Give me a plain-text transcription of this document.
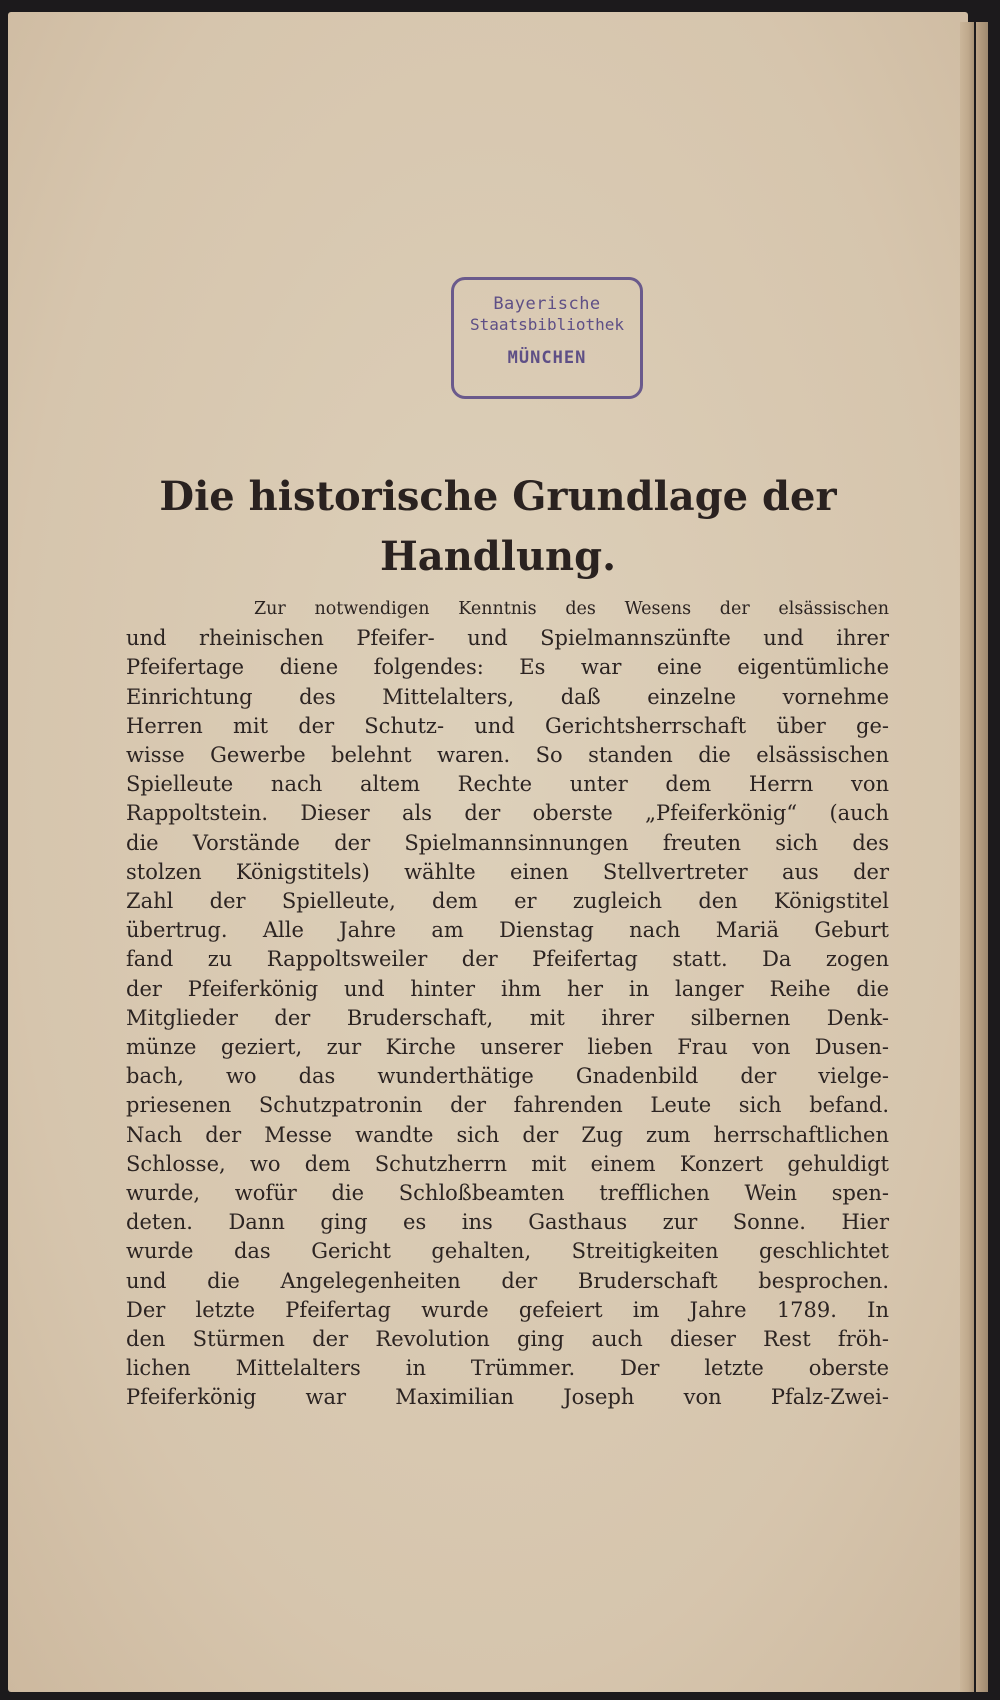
Bayerische
Staatsbibliothek
MÜNCHEN
Die historische Grundlage der
Handlung.
Zur notwendigen Kenntnis des Wesens der elsässischen
und rheinischen Pfeifer- und Spielmannszünfte und ihrer
Pfeifertage diene folgendes: Es war eine eigentümliche
Einrichtung des Mittelalters, daß einzelne vornehme
Herren mit der Schutz- und Gerichtsherrschaft über ge-
wisse Gewerbe belehnt waren. So standen die elsässischen
Spielleute nach altem Rechte unter dem Herrn von
Rappoltstein. Dieser als der oberste „Pfeiferkönig“ (auch
die Vorstände der Spielmannsinnungen freuten sich des
stolzen Königstitels) wählte einen Stellvertreter aus der
Zahl der Spielleute, dem er zugleich den Königstitel
übertrug. Alle Jahre am Dienstag nach Mariä Geburt
fand zu Rappoltsweiler der Pfeifertag statt. Da zogen
der Pfeiferkönig und hinter ihm her in langer Reihe die
Mitglieder der Bruderschaft, mit ihrer silbernen Denk-
münze geziert, zur Kirche unserer lieben Frau von Dusen-
bach, wo das wunderthätige Gnadenbild der vielge-
priesenen Schutzpatronin der fahrenden Leute sich befand.
Nach der Messe wandte sich der Zug zum herrschaftlichen
Schlosse, wo dem Schutzherrn mit einem Konzert gehuldigt
wurde, wofür die Schloßbeamten trefflichen Wein spen-
deten. Dann ging es ins Gasthaus zur Sonne. Hier
wurde das Gericht gehalten, Streitigkeiten geschlichtet
und die Angelegenheiten der Bruderschaft besprochen.
Der letzte Pfeifertag wurde gefeiert im Jahre 1789. In
den Stürmen der Revolution ging auch dieser Rest fröh-
lichen Mittelalters in Trümmer. Der letzte oberste
Pfeiferkönig war Maximilian Joseph von Pfalz-Zwei-
